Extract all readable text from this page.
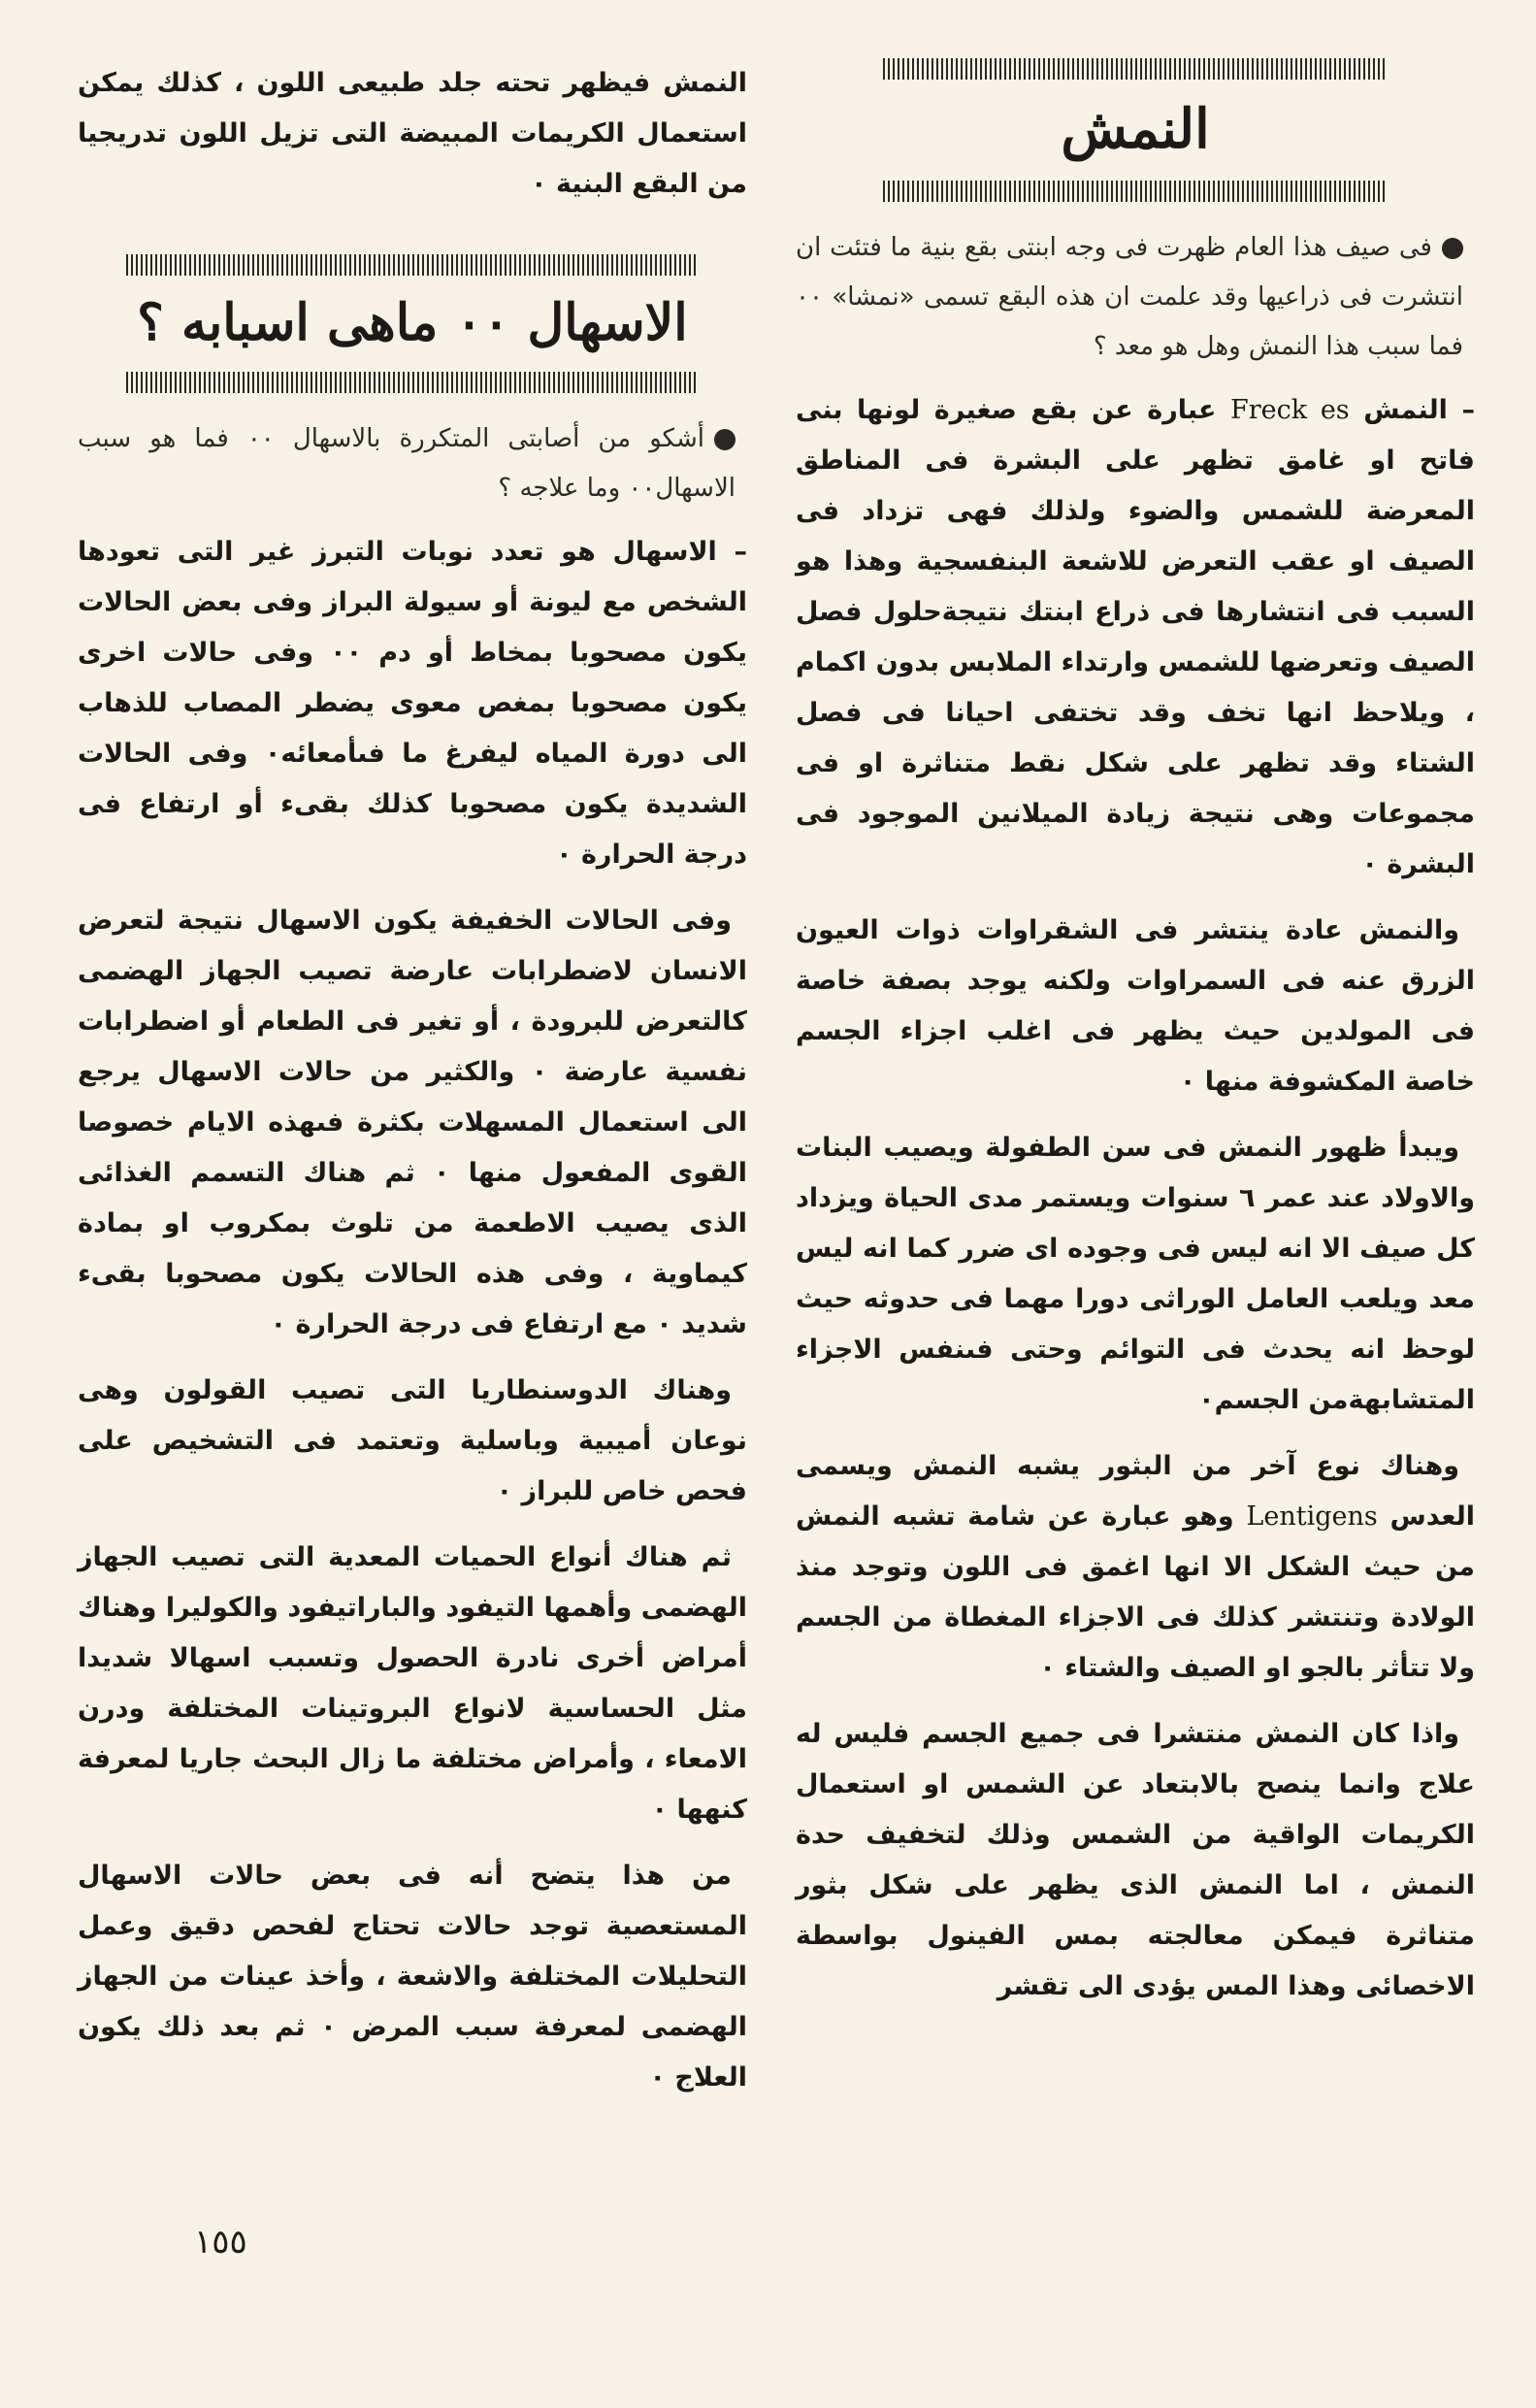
النمش
فى صيف هذا العام ظهرت فى وجه ابنتى بقع بنية ما فتئت ان انتشرت فى ذراعيها وقد علمت ان هذه البقع تسمى «نمشا» ٠٠ فما سبب هذا النمش وهل هو معد ؟
– النمش Freck es عبارة عن بقع صغيرة لونها بنى فاتح او غامق تظهر على البشرة فى المناطق المعرضة للشمس والضوء ولذلك فهى تزداد فى الصيف او عقب التعرض للاشعة البنفسجية وهذا هو السبب فى انتشارها فى ذراع ابنتك نتيجةحلول فصل الصيف وتعرضها للشمس وارتداء الملابس بدون اكمام ، ويلاحظ انها تخف وقد تختفى احيانا فى فصل الشتاء وقد تظهر على شكل نقط متناثرة او فى مجموعات وهى نتيجة زيادة الميلانين الموجود فى البشرة ٠
والنمش عادة ينتشر فى الشقراوات ذوات العيون الزرق عنه فى السمراوات ولكنه يوجد بصفة خاصة فى المولدين حيث يظهر فى اغلب اجزاء الجسم خاصة المكشوفة منها ٠
ويبدأ ظهور النمش فى سن الطفولة ويصيب البنات والاولاد عند عمر ٦ سنوات ويستمر مدى الحياة ويزداد كل صيف الا انه ليس فى وجوده اى ضرر كما انه ليس معد ويلعب العامل الوراثى دورا مهما فى حدوثه حيث لوحظ انه يحدث فى التوائم وحتى فىنفس الاجزاء المتشابهةمن الجسم٠
وهناك نوع آخر من البثور يشبه النمش ويسمى العدس Lentigens وهو عبارة عن شامة تشبه النمش من حيث الشكل الا انها اغمق فى اللون وتوجد منذ الولادة وتنتشر كذلك فى الاجزاء المغطاة من الجسم ولا تتأثر بالجو او الصيف والشتاء ٠
واذا كان النمش منتشرا فى جميع الجسم فليس له علاج وانما ينصح بالابتعاد عن الشمس او استعمال الكريمات الواقية من الشمس وذلك لتخفيف حدة النمش ، اما النمش الذى يظهر على شكل بثور متناثرة فيمكن معالجته بمس الفينول بواسطة الاخصائى وهذا المس يؤدى الى تقشر
النمش فيظهر تحته جلد طبيعى اللون ، كذلك يمكن استعمال الكريمات المبيضة التى تزيل اللون تدريجيا من البقع البنية ٠
الاسهال ٠٠ ماهى اسبابه ؟
أشكو من أصابتى المتكررة بالاسهال ٠٠ فما هو سبب الاسهال٠٠ وما علاجه ؟
– الاسهال هو تعدد نوبات التبرز غير التى تعودها الشخص مع ليونة أو سيولة البراز وفى بعض الحالات يكون مصحوبا بمخاط أو دم ٠٠ وفى حالات اخرى يكون مصحوبا بمغص معوى يضطر المصاب للذهاب الى دورة المياه ليفرغ ما فىأمعائه٠ وفى الحالات الشديدة يكون مصحوبا كذلك بقىء أو ارتفاع فى درجة الحرارة ٠
وفى الحالات الخفيفة يكون الاسهال نتيجة لتعرض الانسان لاضطرابات عارضة تصيب الجهاز الهضمى كالتعرض للبرودة ، أو تغير فى الطعام أو اضطرابات نفسية عارضة ٠ والكثير من حالات الاسهال يرجع الى استعمال المسهلات بكثرة فىهذه الايام خصوصا القوى المفعول منها ٠ ثم هناك التسمم الغذائى الذى يصيب الاطعمة من تلوث بمكروب او بمادة كيماوية ، وفى هذه الحالات يكون مصحوبا بقىء شديد ٠ مع ارتفاع فى درجة الحرارة ٠
وهناك الدوسنطاريا التى تصيب القولون وهى نوعان أميبية وباسلية وتعتمد فى التشخيص على فحص خاص للبراز ٠
ثم هناك أنواع الحميات المعدية التى تصيب الجهاز الهضمى وأهمها التيفود والباراتيفود والكوليرا وهناك أمراض أخرى نادرة الحصول وتسبب اسهالا شديدا مثل الحساسية لانواع البروتينات المختلفة ودرن الامعاء ، وأمراض مختلفة ما زال البحث جاريا لمعرفة كنهها ٠
من هذا يتضح أنه فى بعض حالات الاسهال المستعصية توجد حالات تحتاج لفحص دقيق وعمل التحليلات المختلفة والاشعة ، وأخذ عينات من الجهاز الهضمى لمعرفة سبب المرض ٠ ثم بعد ذلك يكون العلاج ٠
١٥٥
